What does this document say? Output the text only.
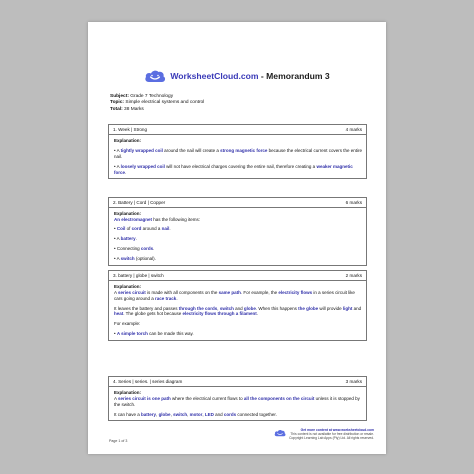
WorksheetCloud.com - Memorandum 3
Subject: Grade 7 Technology
Topic: Simple electrical systems and control
Total: 38 Marks
1. Week | Strong	4 marks

Explanation:

• A tightly wrapped coil around the nail will create a strong magnetic force because the electrical current covers the entire nail.

• A loosely wrapped coil will not have electrical charges covering the entire nail, therefore creating a weaker magnetic force.

2. Battery | Cord | Copper	6 marks

Explanation:
An electromagnet has the following items:

• Coil of cord around a nail.

• A battery.

• Connecting cords.

• A switch (optional).

3. battery | globe | switch	2 marks

Explanation:
A series circuit is made with all components on the same path. For example, the electricity flows in a series circuit like cars going around a race track.

It leaves the battery and passes through the cords, switch and globe. When this happens the globe will provide light and heat. The globe gets hot because electricity flows through a filament.

For example:

• A simple torch can be made this way.

4. Series | series. | series diagram	3 marks

Explanation:
A series circuit is one path where the electrical current flows to all the components on the circuit unless it is stopped by the switch.

It can have a battery, globe, switch, motor, LED and cords connected together.

Page 1 of 3
Get more content at www.worksheetcloud.com
This content is not available for free distribution or resale.
Copyright Learning Lab Apps (Pty) Ltd. All rights reserved.
